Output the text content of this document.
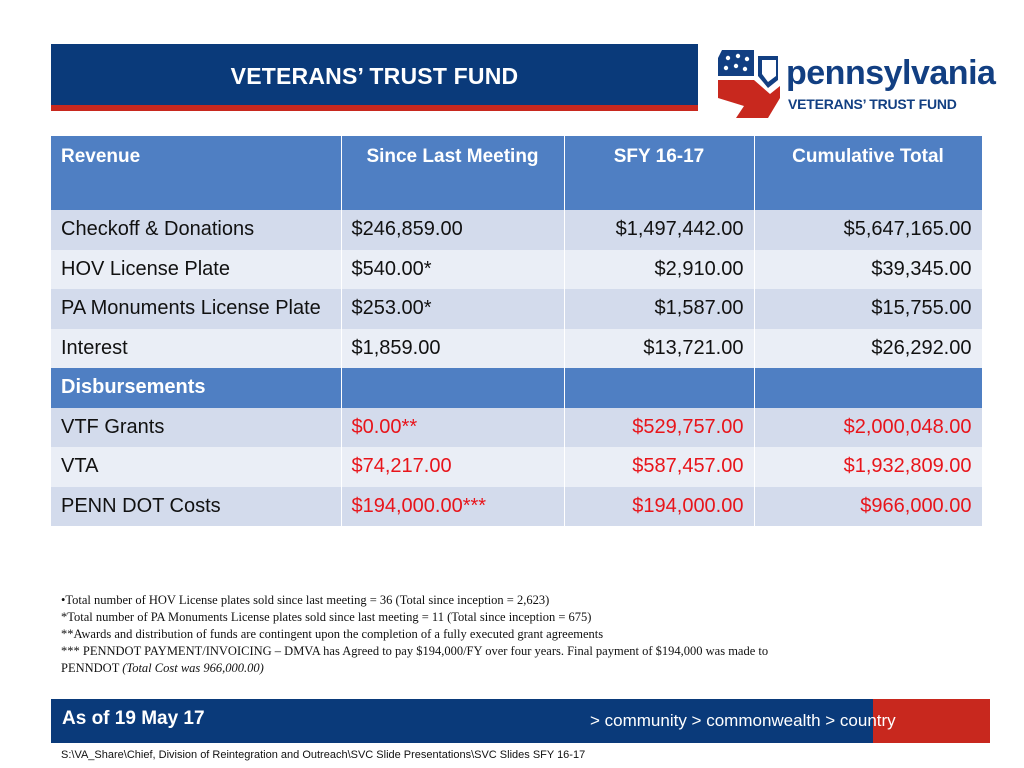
VETERANS’ TRUST FUND	pennsylvania
VETERANS’ TRUST FUND
Revenue	Since Last Meeting	SFY 16-17	Cumulative Total
Checkoff & Donations	$246,859.00	$1,497,442.00	$5,647,165.00
HOV License Plate	$540.00*	$2,910.00	$39,345.00
PA Monuments License Plate	$253.00*	$1,587.00	$15,755.00
Interest	$1,859.00	$13,721.00	$26,292.00
Disbursements			
VTF Grants	$0.00**	$529,757.00	$2,000,048.00
VTA	$74,217.00	$587,457.00	$1,932,809.00
PENN DOT Costs	$194,000.00***	$194,000.00	$966,000.00
•Total number of HOV License plates sold since last meeting = 36 (Total since inception = 2,623)
*Total number of PA Monuments License plates sold since last meeting = 11 (Total since inception = 675)
**Awards and distribution of funds are contingent upon the completion of a fully executed grant agreements
*** PENNDOT PAYMENT/INVOICING – DMVA has Agreed to pay $194,000/FY over four years. Final payment of $194,000 was made to
PENNDOT (Total Cost was 966,000.00)
As of 19 May 17	> community > commonwealth > country
S:\VA_Share\Chief, Division of Reintegration and Outreach\SVC Slide Presentations\SVC Slides SFY 16-17
